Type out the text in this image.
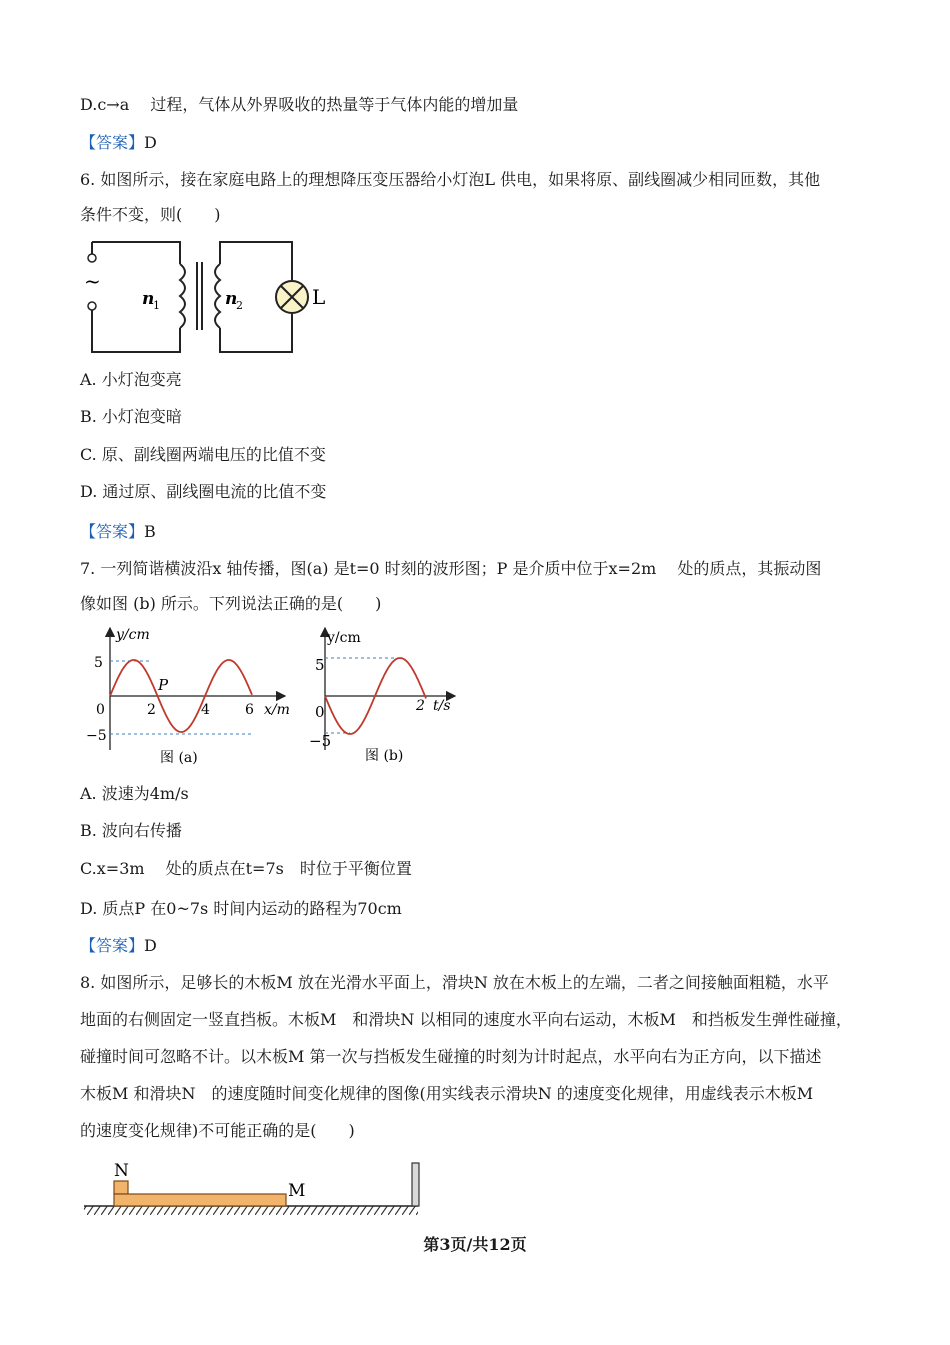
D.c→a　 过程，气体从外界吸收的热量等于气体内能的增加量
【答案】D
6. 如图所示，接在家庭电路上的理想降压变压器给小灯泡L 供电，如果将原、副线圈减少相同匝数，其他
条件不变，则(　　)
~
n
1	n
2	L
A. 小灯泡变亮
B. 小灯泡变暗
C. 原、副线圈两端电压的比值不变
D. 通过原、副线圈电流的比值不变
【答案】B
7. 一列简谐横波沿x 轴传播，图(a) 是t=0 时刻的波形图；P 是介质中位于x=2m　 处的质点，其振动图
像如图 (b) 所示。下列说法正确的是(　　)
y/cm
5
−5
0	2	4	6 x/m
P
图 (a)
y/cm
5
0
−5
2 t/s
图 (b)
A. 波速为4m/s
B. 波向右传播
C.x=3m　 处的质点在t=7s　时位于平衡位置
D. 质点P 在0~7s 时间内运动的路程为70cm
【答案】D
8. 如图所示，足够长的木板M 放在光滑水平面上，滑块N 放在木板上的左端，二者之间接触面粗糙，水平
地面的右侧固定一竖直挡板。木板M　和滑块N 以相同的速度水平向右运动，木板M　和挡板发生弹性碰撞，
碰撞时间可忽略不计。以木板M 第一次与挡板发生碰撞的时刻为计时起点，水平向右为正方向，以下描述
木板M 和滑块N　的速度随时间变化规律的图像(用实线表示滑块N 的速度变化规律，用虚线表示木板M
的速度变化规律)不可能正确的是(　　)
N
M
第3页/共12页
